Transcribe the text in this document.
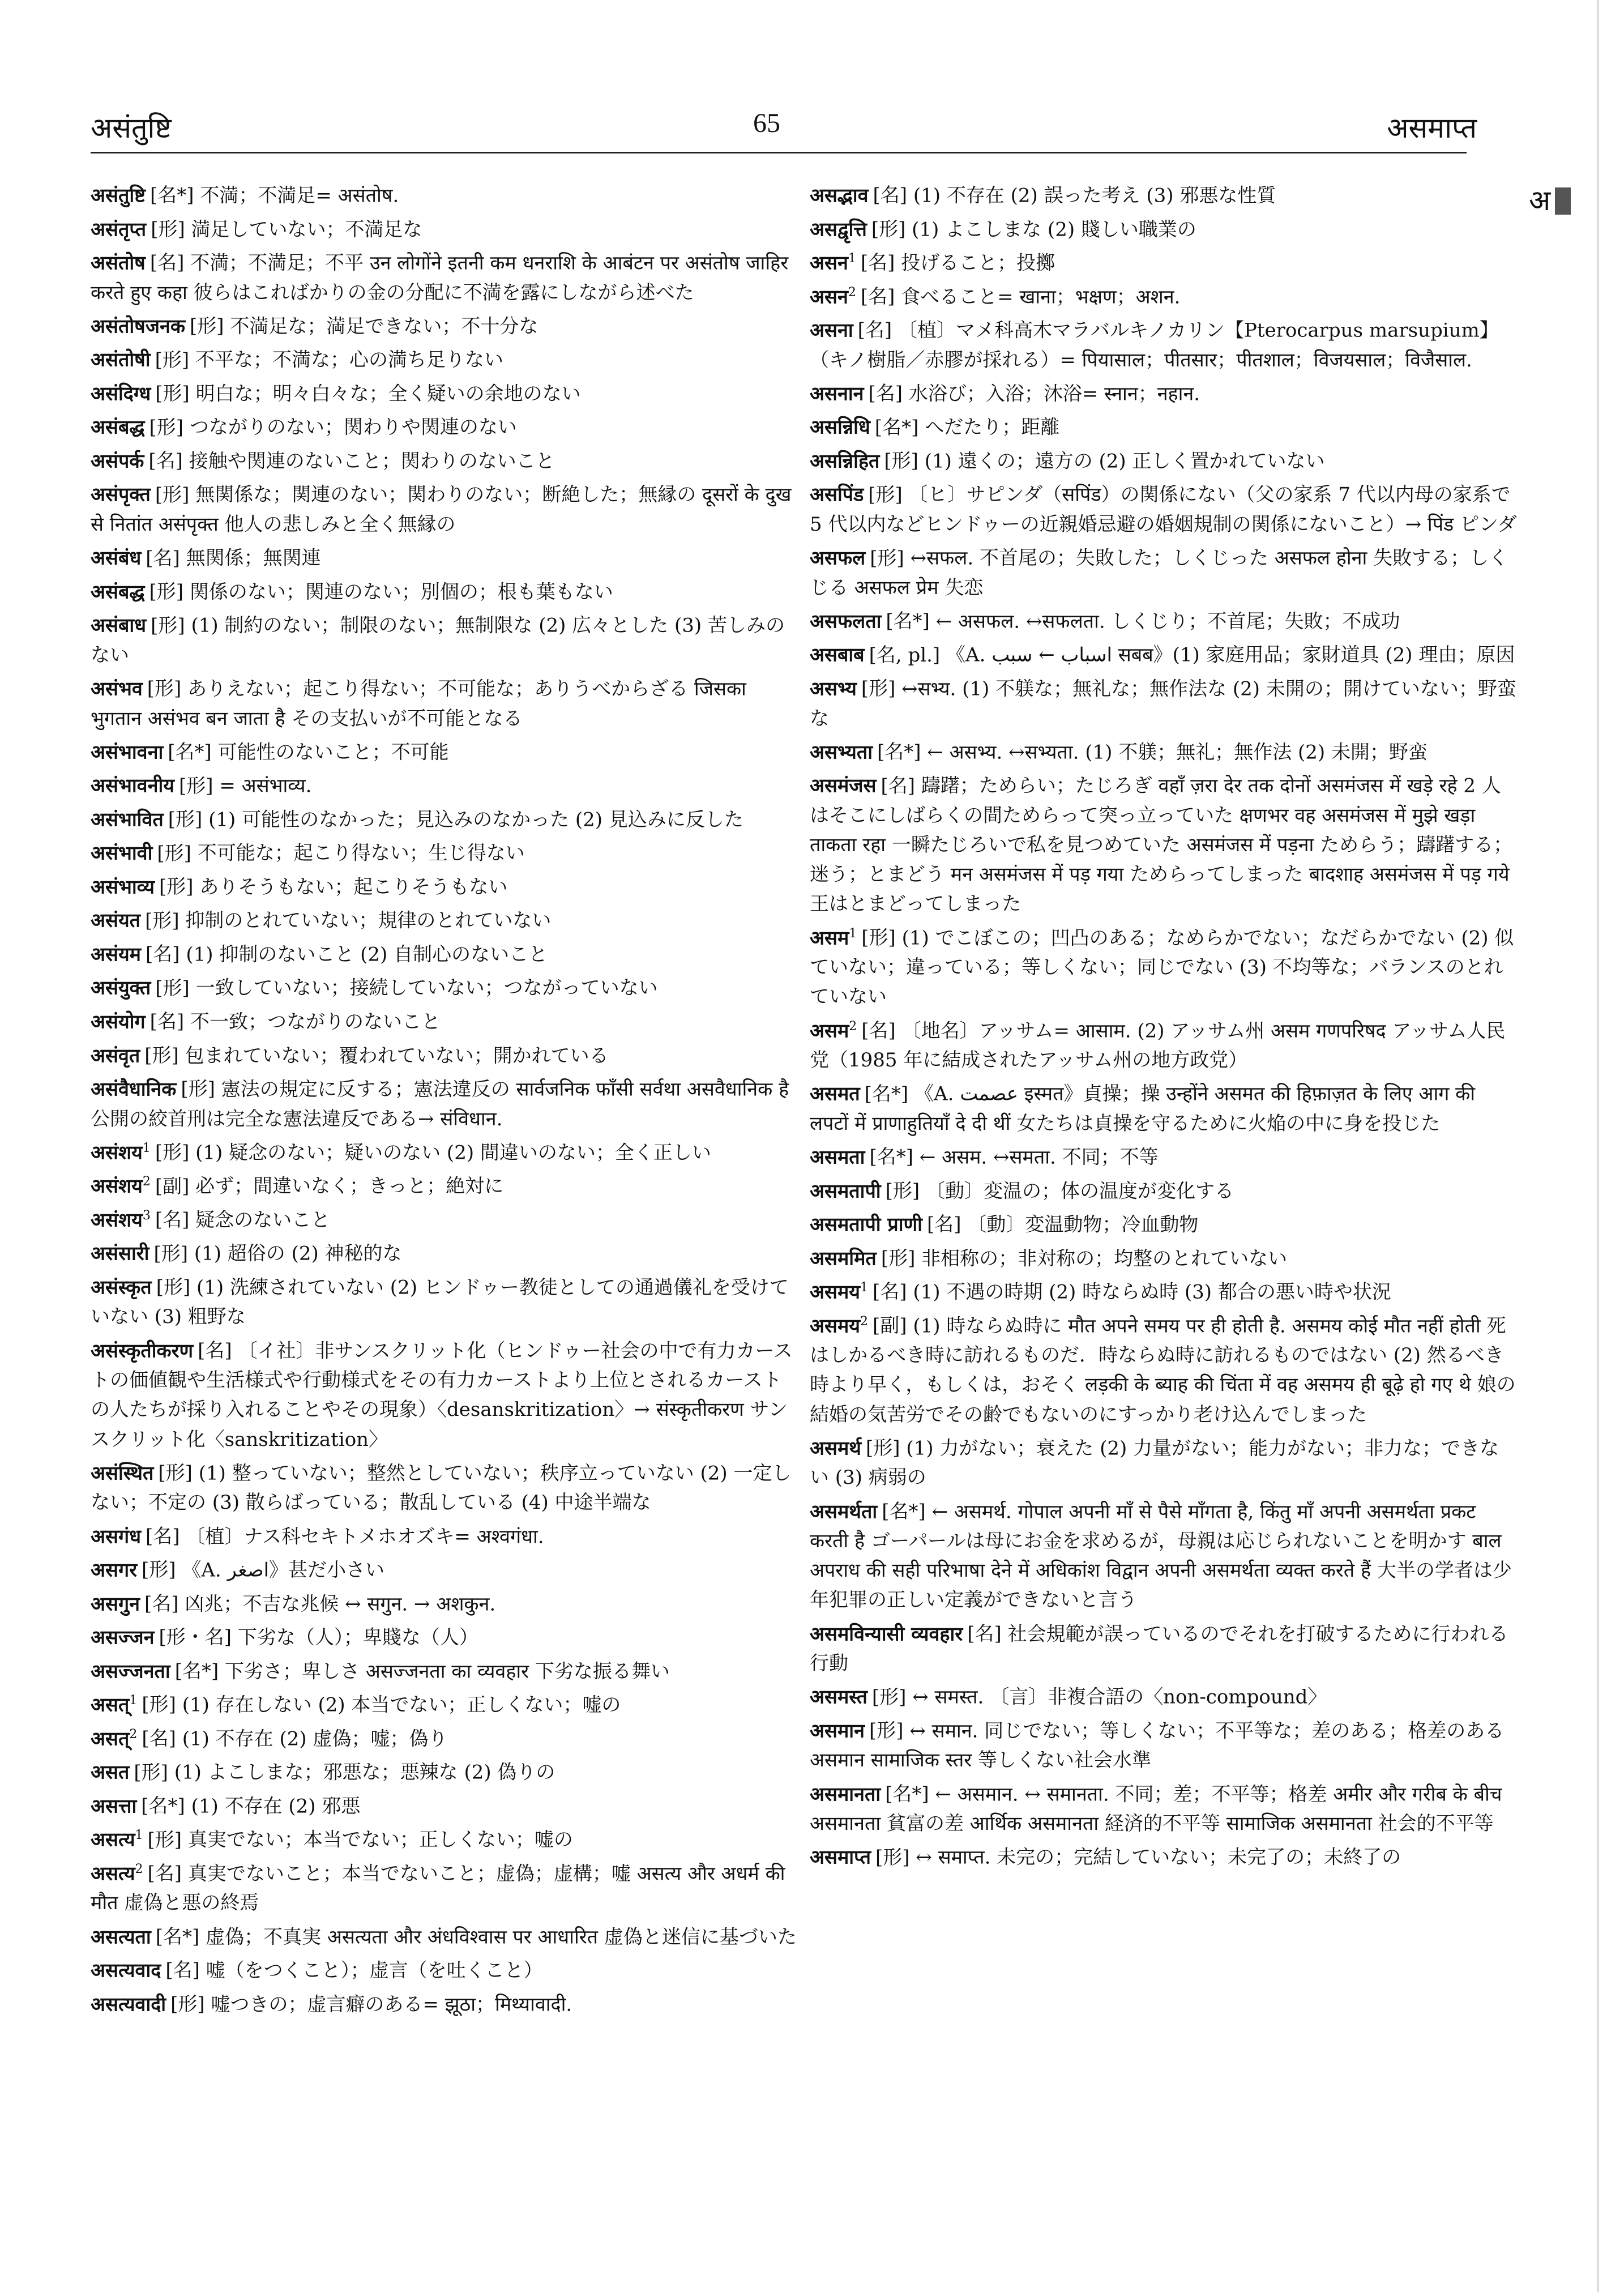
असंतुष्टि	65	असमाप्त
अ

असंतुष्टि [名*] 不満；不満足= असंतोष.

असंतृप्त [形] 満足していない；不満足な

असंतोष [名] 不満；不満足；不平 उन लोगोंने इतनी कम धनराशि के आबंटन पर असंतोष जाहिर करते हुए कहा 彼らはこればかりの金の分配に不満を露にしながら述べた

असंतोषजनक [形] 不満足な；満足できない；不十分な

असंतोषी [形] 不平な；不満な；心の満ち足りない

असंदिग्ध [形] 明白な；明々白々な；全く疑いの余地のない

असंबद्ध [形] つながりのない；関わりや関連のない

असंपर्क [名] 接触や関連のないこと；関わりのないこと

असंपृक्त [形] 無関係な；関連のない；関わりのない；断絶した；無縁の दूसरों के दुख से नितांत असंपृक्त 他人の悲しみと全く無縁の

असंबंध [名] 無関係；無関連

असंबद्ध [形] 関係のない；関連のない；別個の；根も葉もない

असंबाध [形] (1) 制約のない；制限のない；無制限な (2) 広々とした (3) 苦しみのない

असंभव [形] ありえない；起こり得ない；不可能な；ありうべからざる जिसका भुगतान असंभव बन जाता है その支払いが不可能となる

असंभावना [名*] 可能性のないこと；不可能

असंभावनीय [形] = असंभाव्य.

असंभावित [形] (1) 可能性のなかった；見込みのなかった (2) 見込みに反した

असंभावी [形] 不可能な；起こり得ない；生じ得ない

असंभाव्य [形] ありそうもない；起こりそうもない

असंयत [形] 抑制のとれていない；規律のとれていない

असंयम [名] (1) 抑制のないこと (2) 自制心のないこと

असंयुक्त [形] 一致していない；接続していない；つながっていない

असंयोग [名] 不一致；つながりのないこと

असंवृत [形] 包まれていない；覆われていない；開かれている

असंवैधानिक [形] 憲法の規定に反する；憲法違反の सार्वजनिक फाँसी सर्वथा असवैधानिक है 公開の絞首刑は完全な憲法違反である→ संविधान.

असंशय$^1$ [形] (1) 疑念のない；疑いのない (2) 間違いのない；全く正しい

असंशय$^2$ [副] 必ず；間違いなく；きっと；絶対に

असंशय$^3$ [名] 疑念のないこと

असंसारी [形] (1) 超俗の (2) 神秘的な

असंस्कृत [形] (1) 洗練されていない (2) ヒンドゥー教徒としての通過儀礼を受けていない (3) 粗野な

असंस्कृतीकरण [名] 〔イ社〕非サンスクリット化（ヒンドゥー社会の中で有力カーストの価値観や生活様式や行動様式をその有力カーストより上位とされるカーストの人たちが採り入れることやその現象）〈desanskritization〉→ संस्कृतीकरण サンスクリット化〈sanskritization〉

असंस्थित [形] (1) 整っていない；整然としていない；秩序立っていない (2) 一定しない；不定の (3) 散らばっている；散乱している (4) 中途半端な

असगंध [名] 〔植〕ナス科セキトメホオズキ= अश्वगंधा.

असगर [形] 《A. اصغر》甚だ小さい

असगुन [名] 凶兆；不吉な兆候 ↔ सगुन. → अशकुन.

असज्जन [形・名] 下劣な（人）；卑賤な（人）

असज्जनता [名*] 下劣さ；卑しさ असज्जनता का व्यवहार 下劣な振る舞い

असत्$^1$ [形] (1) 存在しない (2) 本当でない；正しくない；嘘の

असत्$^2$ [名] (1) 不存在 (2) 虚偽；嘘；偽り

असत [形] (1) よこしまな；邪悪な；悪辣な (2) 偽りの

असत्ता [名*] (1) 不存在 (2) 邪悪

असत्य$^1$ [形] 真実でない；本当でない；正しくない；嘘の

असत्य$^2$ [名] 真実でないこと；本当でないこと；虚偽；虚構；嘘 असत्य और अधर्म की मौत 虚偽と悪の終焉

असत्यता [名*] 虚偽；不真実 असत्यता और अंधविश्वास पर आधारित 虚偽と迷信に基づいた

असत्यवाद [名] 嘘（をつくこと）；虚言（を吐くこと）

असत्यवादी [形] 嘘つきの；虚言癖のある= झूठा；मिथ्यावादी.

असद्भाव [名] (1) 不存在 (2) 誤った考え (3) 邪悪な性質

असद्वृत्ति [形] (1) よこしまな (2) 賤しい職業の

असन$^1$ [名] 投げること；投擲

असन$^2$ [名] 食べること= खाना；भक्षण；अशन.

असना [名] 〔植〕マメ科高木マラバルキノカリン【Pterocarpus marsupium】（キノ樹脂／赤膠が採れる）= पियासाल；पीतसार；पीतशाल；विजयसाल；विजैसाल.

असनान [名] 水浴び；入浴；沐浴= स्नान；नहान.

असन्निधि [名*] へだたり；距離

असन्निहित [形] (1) 遠くの；遠方の (2) 正しく置かれていない

असपिंड [形] 〔ヒ〕サピンダ（सपिंड）の関係にない（父の家系 7 代以内母の家系で 5 代以内などヒンドゥーの近親婚忌避の婚姻規制の関係にないこと）→ पिंड ピンダ

असफल [形] ↔सफल. 不首尾の；失敗した；しくじった असफल होना 失敗する；しくじる असफल प्रेम 失恋

असफलता [名*] ← असफल. ↔सफलता. しくじり；不首尾；失敗；不成功

असबाब [名, pl.] 《A. اسباب ← سبب सबब》(1) 家庭用品；家財道具 (2) 理由；原因

असभ्य [形] ↔सभ्य. (1) 不躾な；無礼な；無作法な (2) 未開の；開けていない；野蛮な

असभ्यता [名*] ← असभ्य. ↔सभ्यता. (1) 不躾；無礼；無作法 (2) 未開；野蛮

असमंजस [名] 躊躇；ためらい；たじろぎ वहाँ ज़रा देर तक दोनों असमंजस में खड़े रहे 2 人はそこにしばらくの間ためらって突っ立っていた क्षणभर वह असमंजस में मुझे खड़ा ताकता रहा 一瞬たじろいで私を見つめていた असमंजस में पड़ना ためらう；躊躇する；迷う；とまどう मन असमंजस में पड़ गया ためらってしまった बादशाह असमंजस में पड़ गये 王はとまどってしまった

असम$^1$ [形] (1) でこぼこの；凹凸のある；なめらかでない；なだらかでない (2) 似ていない；違っている；等しくない；同じでない (3) 不均等な；バランスのとれていない

असम$^2$ [名] 〔地名〕アッサム= आसाम. (2) アッサム州 असम गणपरिषद アッサム人民党（1985 年に結成されたアッサム州の地方政党）

असमत [名*] 《A. عصمت इस्मत》貞操；操 उन्होंने असमत की हिफ़ाज़त के लिए आग की लपटों में प्राणाहुतियाँ दे दी थीं 女たちは貞操を守るために火焔の中に身を投じた

असमता [名*] ← असम. ↔समता. 不同；不等

असमतापी [形] 〔動〕変温の；体の温度が変化する

असमतापी प्राणी [名] 〔動〕変温動物；冷血動物

असममित [形] 非相称の；非対称の；均整のとれていない

असमय$^1$ [名] (1) 不遇の時期 (2) 時ならぬ時 (3) 都合の悪い時や状況

असमय$^2$ [副] (1) 時ならぬ時に मौत अपने समय पर ही होती है. असमय कोई मौत नहीं होती 死はしかるべき時に訪れるものだ．時ならぬ時に訪れるものではない (2) 然るべき時より早く，もしくは，おそく लड़की के ब्याह की चिंता में वह असमय ही बूढ़े हो गए थे 娘の結婚の気苦労でその齢でもないのにすっかり老け込んでしまった

असमर्थ [形] (1) 力がない；衰えた (2) 力量がない；能力がない；非力な；できない (3) 病弱の

असमर्थता [名*] ← असमर्थ. गोपाल अपनी माँ से पैसे माँगता है, किंतु माँ अपनी असमर्थता प्रकट करती है ゴーパールは母にお金を求めるが，母親は応じられないことを明かす बाल अपराध की सही परिभाषा देने में अधिकांश विद्वान अपनी असमर्थता व्यक्त करते हैं 大半の学者は少年犯罪の正しい定義ができないと言う

असमविन्यासी व्यवहार [名] 社会規範が誤っているのでそれを打破するために行われる行動

असमस्त [形] ↔ समस्त. 〔言〕非複合語の〈non-compound〉

असमान [形] ↔ समान. 同じでない；等しくない；不平等な；差のある；格差のある असमान सामाजिक स्तर 等しくない社会水準

असमानता [名*] ← असमान. ↔ समानता. 不同；差；不平等；格差 अमीर और गरीब के बीच असमानता 貧富の差 आर्थिक असमानता 経済的不平等 सामाजिक असमानता 社会的不平等

असमाप्त [形] ↔ समाप्त. 未完の；完結していない；未完了の；未終了の
